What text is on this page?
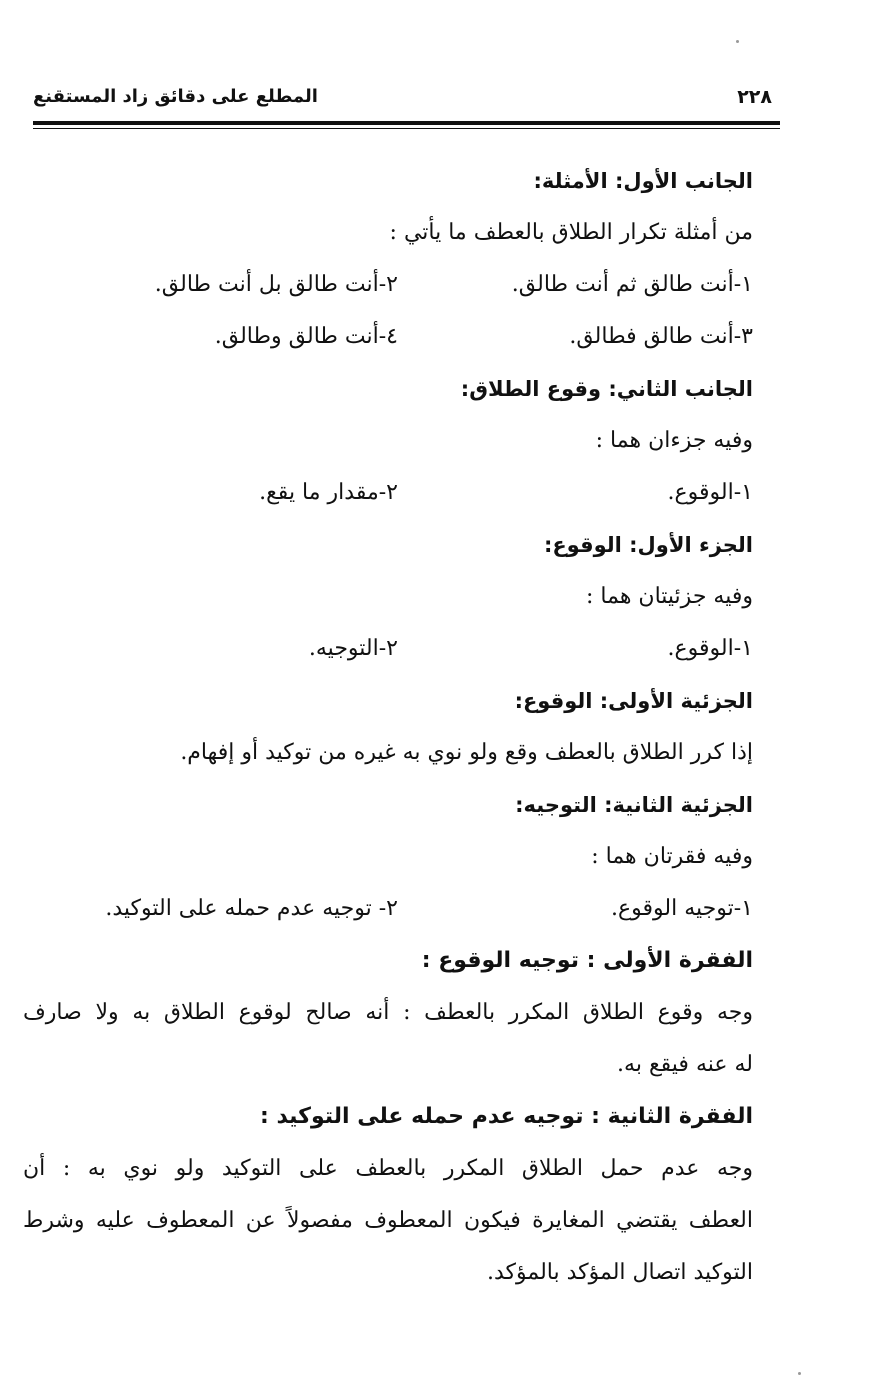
٢٢٨
المطلع على دقائق زاد المستقنع
الجانب الأول: الأمثلة:
من أمثلة تكرار الطلاق بالعطف ما يأتي :
١-أنت طالق ثم أنت طالق.
٢-أنت طالق بل أنت طالق.
٣-أنت طالق فطالق.
٤-أنت طالق وطالق.
الجانب الثاني: وقوع الطلاق:
وفيه جزءان هما :
١-الوقوع.
٢-مقدار ما يقع.
الجزء الأول: الوقوع:
وفيه جزئيتان هما :
١-الوقوع.
٢-التوجيه.
الجزئية الأولى: الوقوع:
إذا كرر الطلاق بالعطف وقع ولو نوي به غيره من توكيد أو إفهام.
الجزئية الثانية: التوجيه:
وفيه فقرتان هما :
١-توجيه الوقوع.
٢- توجيه عدم حمله على التوكيد.
الفقرة الأولى : توجيه الوقوع :
وجه وقوع الطلاق المكرر بالعطف : أنه صالح لوقوع الطلاق به ولا صارف
له عنه فيقع به.
الفقرة الثانية : توجيه عدم حمله على التوكيد :
وجه عدم حمل الطلاق المكرر بالعطف على التوكيد ولو نوي به : أن
العطف يقتضي المغايرة فيكون المعطوف مفصولاً عن المعطوف عليه وشرط
التوكيد اتصال المؤكد بالمؤكد.
